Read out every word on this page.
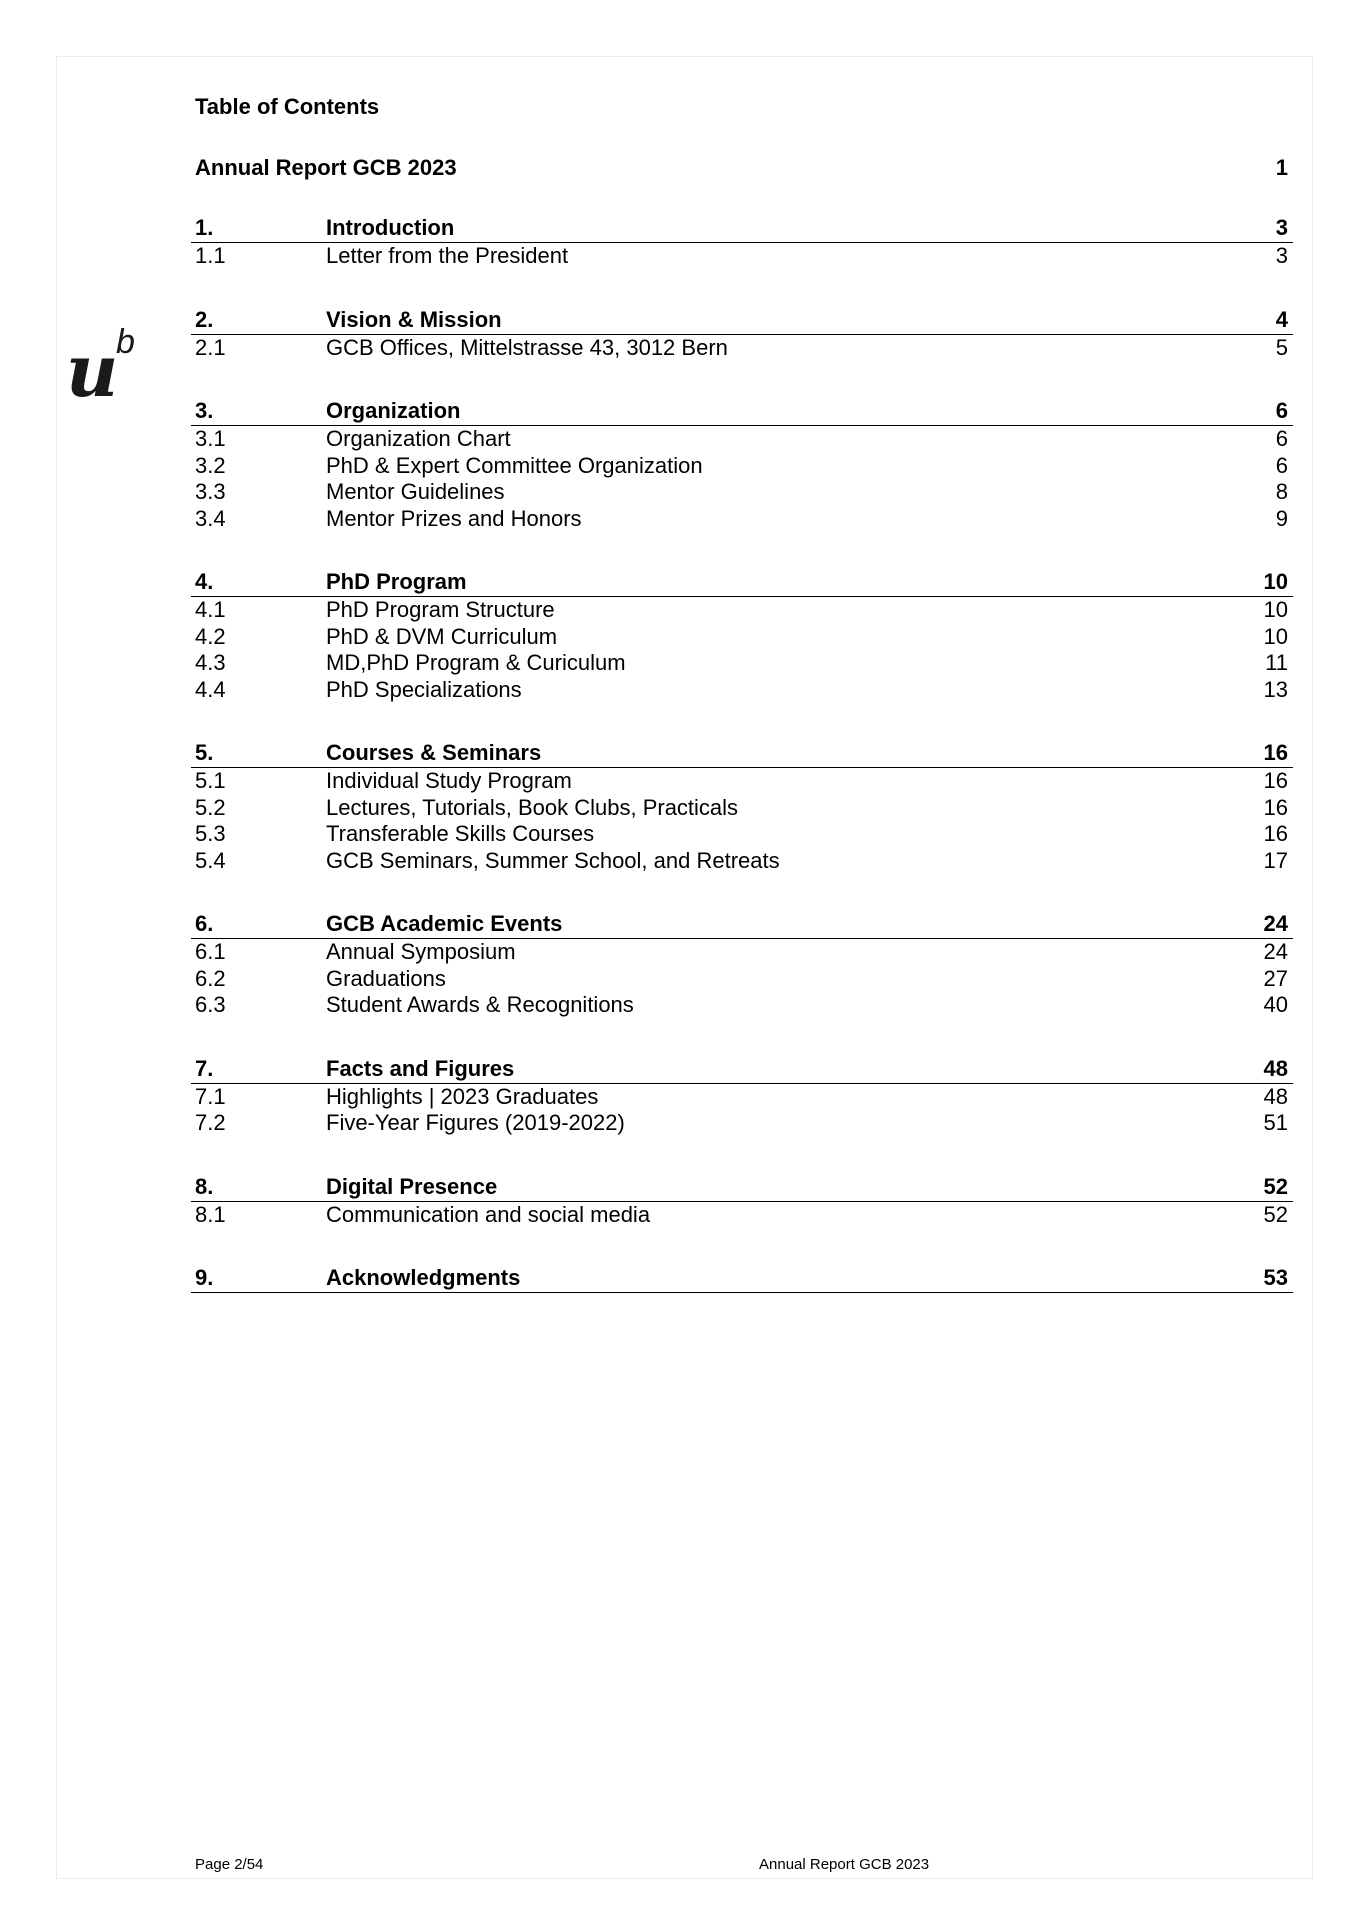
u
b
Table of Contents
Annual Report GCB 2023	1
1.	Introduction	3
1.1	Letter from the President	3
2.	Vision & Mission	4
2.1	GCB Offices, Mittelstrasse 43, 3012 Bern	5
3.	Organization	6
3.1	Organization Chart	6
3.2	PhD & Expert Committee Organization	6
3.3	Mentor Guidelines	8
3.4	Mentor Prizes and Honors	9
4.	PhD Program	10
4.1	PhD Program Structure	10
4.2	PhD & DVM Curriculum	10
4.3	MD,PhD Program & Curiculum	11
4.4	PhD Specializations	13
5.	Courses & Seminars	16
5.1	Individual Study Program	16
5.2	Lectures, Tutorials, Book Clubs, Practicals	16
5.3	Transferable Skills Courses	16
5.4	GCB Seminars, Summer School, and Retreats	17
6.	GCB Academic Events	24
6.1	Annual Symposium	24
6.2	Graduations	27
6.3	Student Awards & Recognitions	40
7.	Facts and Figures	48
7.1	Highlights | 2023 Graduates	48
7.2	Five-Year Figures (2019-2022)	51
8.	Digital Presence	52
8.1	Communication and social media	52
9.	Acknowledgments	53
Page 2/54	Annual Report GCB 2023
